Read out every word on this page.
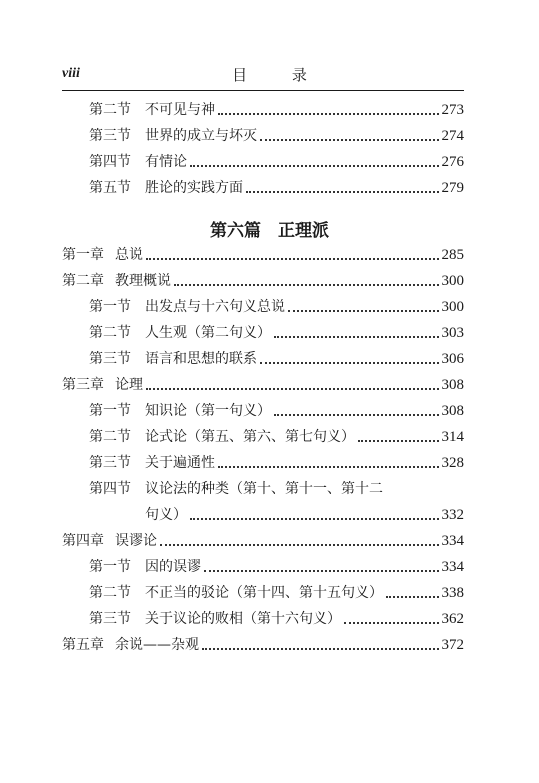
viii	目 录
第二节	不可见与神	273
第三节	世界的成立与坏灭	274
第四节	有情论	276
第五节	胜论的实践方面	279
第六篇　正理派
第一章 总说	285
第二章 教理概说	300
第一节	出发点与十六句义总说	300
第二节	人生观（第二句义）	303
第三节	语言和思想的联系	306
第三章 论理	308
第一节	知识论（第一句义）	308
第二节	论式论（第五、第六、第七句义）	314
第三节	关于遍通性	328
第四节	议论法的种类（第十、第十一、第十二
句义）	332
第四章 误谬论	334
第一节	因的误谬	334
第二节	不正当的驳论（第十四、第十五句义）	338
第三节	关于议论的败相（第十六句义）	362
第五章 余说——杂观	372
